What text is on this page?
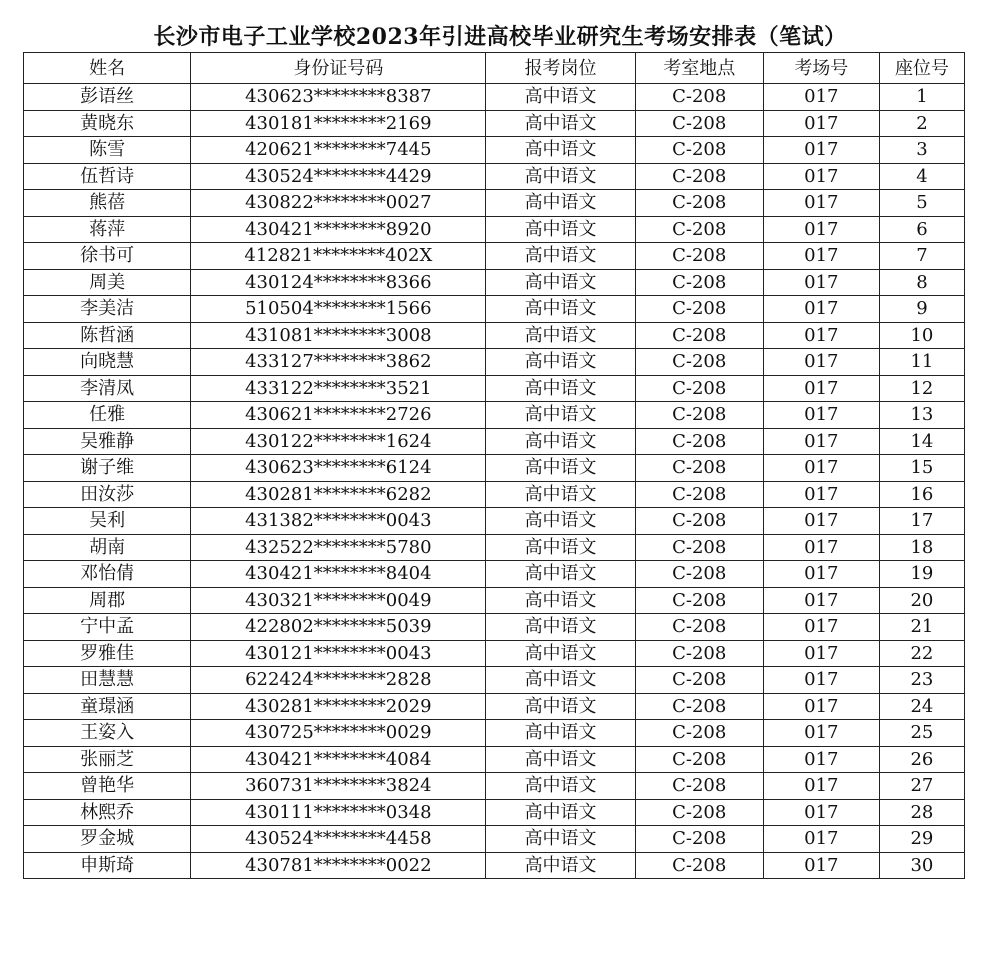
长沙市电子工业学校2023年引进高校毕业研究生考场安排表（笔试）
姓名	身份证号码	报考岗位	考室地点	考场号	座位号
彭语丝	430623********8387	高中语文	C-208	017	1
黄晓东	430181********2169	高中语文	C-208	017	2
陈雪	420621********7445	高中语文	C-208	017	3
伍哲诗	430524********4429	高中语文	C-208	017	4
熊蓓	430822********0027	高中语文	C-208	017	5
蒋萍	430421********8920	高中语文	C-208	017	6
徐书可	412821********402X	高中语文	C-208	017	7
周美	430124********8366	高中语文	C-208	017	8
李美洁	510504********1566	高中语文	C-208	017	9
陈哲涵	431081********3008	高中语文	C-208	017	10
向晓慧	433127********3862	高中语文	C-208	017	11
李清凤	433122********3521	高中语文	C-208	017	12
任雅	430621********2726	高中语文	C-208	017	13
吴雅静	430122********1624	高中语文	C-208	017	14
谢子维	430623********6124	高中语文	C-208	017	15
田汝莎	430281********6282	高中语文	C-208	017	16
吴利	431382********0043	高中语文	C-208	017	17
胡南	432522********5780	高中语文	C-208	017	18
邓怡倩	430421********8404	高中语文	C-208	017	19
周郡	430321********0049	高中语文	C-208	017	20
宁中孟	422802********5039	高中语文	C-208	017	21
罗雅佳	430121********0043	高中语文	C-208	017	22
田慧慧	622424********2828	高中语文	C-208	017	23
童璟涵	430281********2029	高中语文	C-208	017	24
王姿入	430725********0029	高中语文	C-208	017	25
张丽芝	430421********4084	高中语文	C-208	017	26
曾艳华	360731********3824	高中语文	C-208	017	27
林熙乔	430111********0348	高中语文	C-208	017	28
罗金城	430524********4458	高中语文	C-208	017	29
申斯琦	430781********0022	高中语文	C-208	017	30
